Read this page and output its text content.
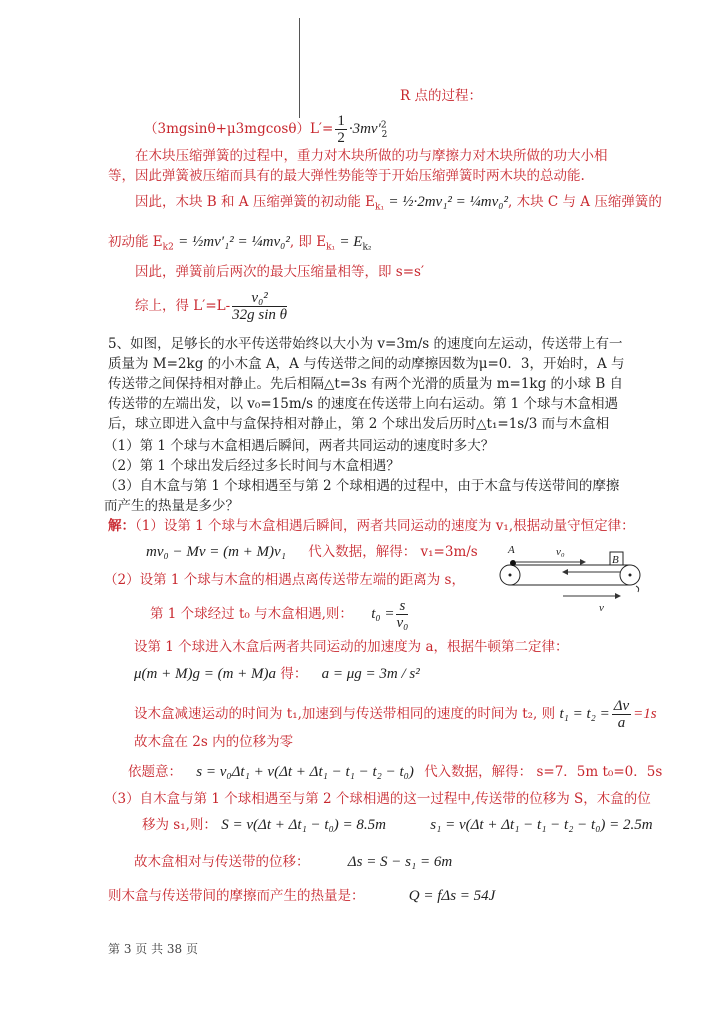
R 点的过程：
$(3mgsin\theta+\mu 3mgcos\theta)L'= \frac{1}{2} \cdot 3mv'^2_2$
在木块压缩弹簧的过程中，重力对木块所做的功与摩擦力对木块所做的功大小相等，因此弹簧被压缩而具有的最大弹性势能等于开始压缩弹簧时两木块的总动能.
因此，木块 B 和 A 压缩弹簧的初动能 $E_{k_1}$ = ½·2mv₁² = ¼mv₀², 木块 C 与 A 压缩弹簧的
初动能 $E_{k2}$ = ½mv′₁² = ¼mv₀², 即 $E_{k_1} = E_{k_2}$
因此，弹簧前后两次的最大压缩量相等，即 s=s′
综上，得 $L'=L- \frac{\text{v₀²}}{\text{32g sin θ}}$
5、如图，足够长的水平传送带始终以大小为 v=3m/s 的速度向左运动，传送带上有一质量为 M=2kg 的小木盒 A，A 与传送带之间的动摩擦因数为μ=0．3，开始时，A 与传送带之间保持相对静止。先后相隔△t=3s 有两个光滑的质量为 m=1kg 的小球 B 自传送带的左端出发，以 v₀=15m/s 的速度在传送带上向右运动。第 1 个球与木盒相遇后，球立即进入盒中与盒保持相对静止，第 2 个球出发后历时△t₁=1s/3 而与木盒相
（1）第 1 个球与木盒相遇后瞬间，两者共同运动的速度时多大？
（2）第 1 个球出发后经过多长时间与木盒相遇？
（3）自木盒与第 1 个球相遇至与第 2 个球相遇的过程中，由于木盒与传送带间的摩擦而产生的热量是多少？
解：（1）设第 1 个球与木盒相遇后瞬间，两者共同运动的速度为 v₁,根据动量守恒定律：
mv₀ − Mv = (m + M)v₁ 代入数据，解得： v₁=3m/s
（2）设第 1 个球与木盒的相遇点离传送带左端的距离为 s，
第 1 个球经过 t₀ 与木盒相遇,则： $t_0 = \frac{s}{\text{v₀}}$
设第 1 个球进入木盒后两者共同运动的加速度为 a，根据牛顿第二定律：
μ(m + M)g = (m + M)a 得： a = μg = 3m / s²
设木盒减速运动的时间为 t₁,加速到与传送带相同的速度的时间为 t₂, 则 $t_1 = t_2 = \frac{\Delta v}{a} =1s$
故木盒在 2s 内的位移为零
依题意： s = v₀Δt₁ + v(Δt + Δt₁ − t₁ − t₂ − t₀) 代入数据，解得： s=7．5m t₀=0．5s
（3）自木盒与第 1 个球相遇至与第 2 个球相遇的这一过程中,传送带的位移为 S，木盒的位
移为 s₁,则： S = v(Δt + Δt₁ − t₀) = 8.5m	s₁ = v(Δt + Δt₁ − t₁ − t₂ − t₀) = 2.5m
故木盒相对与传送带的位移：	Δs = S − s₁ = 6m
则木盒与传送带间的摩擦而产生的热量是：	Q = fΔs = 54J
A	v₀
B
v
第 3 页 共 38 页
